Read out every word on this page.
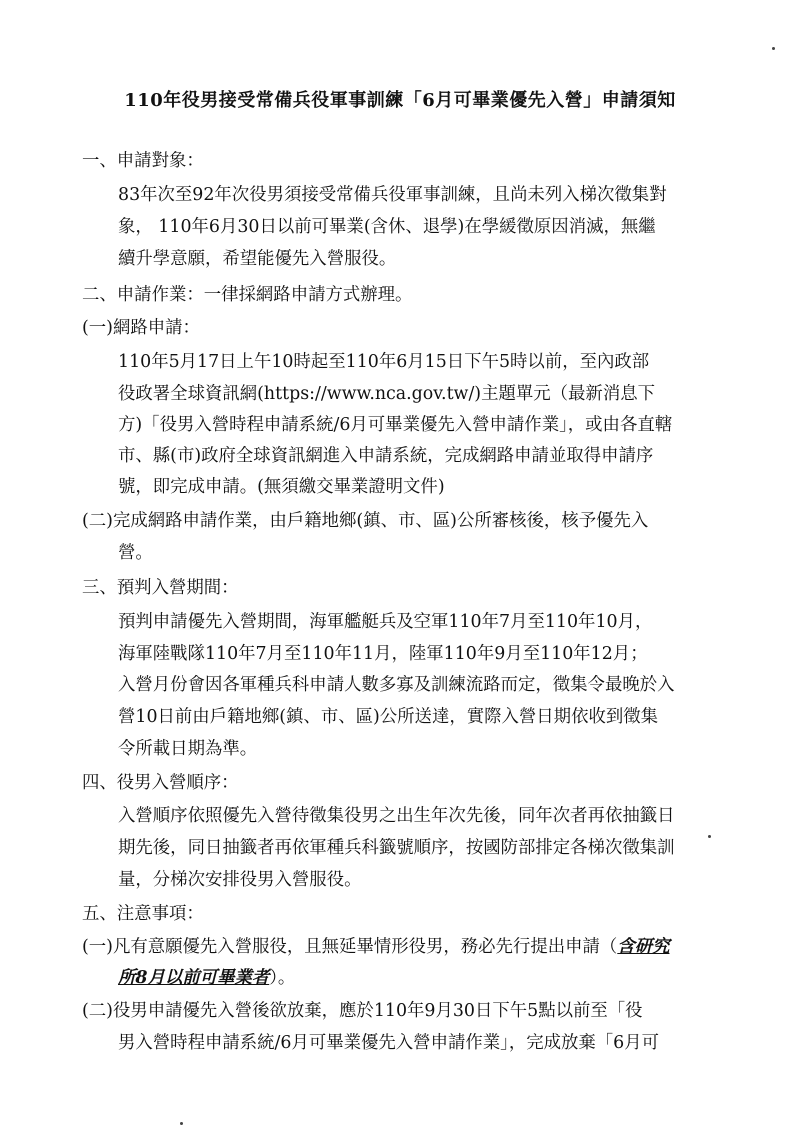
110年役男接受常備兵役軍事訓練「6月可畢業優先入營」申請須知
一、申請對象：
83年次至92年次役男須接受常備兵役軍事訓練，且尚未列入梯次徵集對
象， 110年6月30日以前可畢業(含休、退學)在學緩徵原因消滅，無繼
續升學意願，希望能優先入營服役。
二、申請作業：一律採網路申請方式辦理。
(一)網路申請：
110年5月17日上午10時起至110年6月15日下午5時以前，至內政部
役政署全球資訊網(https://www.nca.gov.tw/)主題單元（最新消息下
方)「役男入營時程申請系統/6月可畢業優先入營申請作業」，或由各直轄
市、縣(市)政府全球資訊網進入申請系統，完成網路申請並取得申請序
號，即完成申請。(無須繳交畢業證明文件)
(二)完成網路申請作業，由戶籍地鄉(鎮、市、區)公所審核後，核予優先入
營。
三、預判入營期間：
預判申請優先入營期間，海軍艦艇兵及空軍110年7月至110年10月，
海軍陸戰隊110年7月至110年11月，陸軍110年9月至110年12月；
入營月份會因各軍種兵科申請人數多寡及訓練流路而定，徵集令最晚於入
營10日前由戶籍地鄉(鎮、市、區)公所送達，實際入營日期依收到徵集
令所載日期為準。
四、役男入營順序：
入營順序依照優先入營待徵集役男之出生年次先後，同年次者再依抽籤日
期先後，同日抽籤者再依軍種兵科籤號順序，按國防部排定各梯次徵集訓
量，分梯次安排役男入營服役。
五、注意事項：
(一)凡有意願優先入營服役，且無延畢情形役男，務必先行提出申請（含研究
所8月以前可畢業者）。
(二)役男申請優先入營後欲放棄，應於110年9月30日下午5點以前至「役
男入營時程申請系統/6月可畢業優先入營申請作業」，完成放棄「6月可
